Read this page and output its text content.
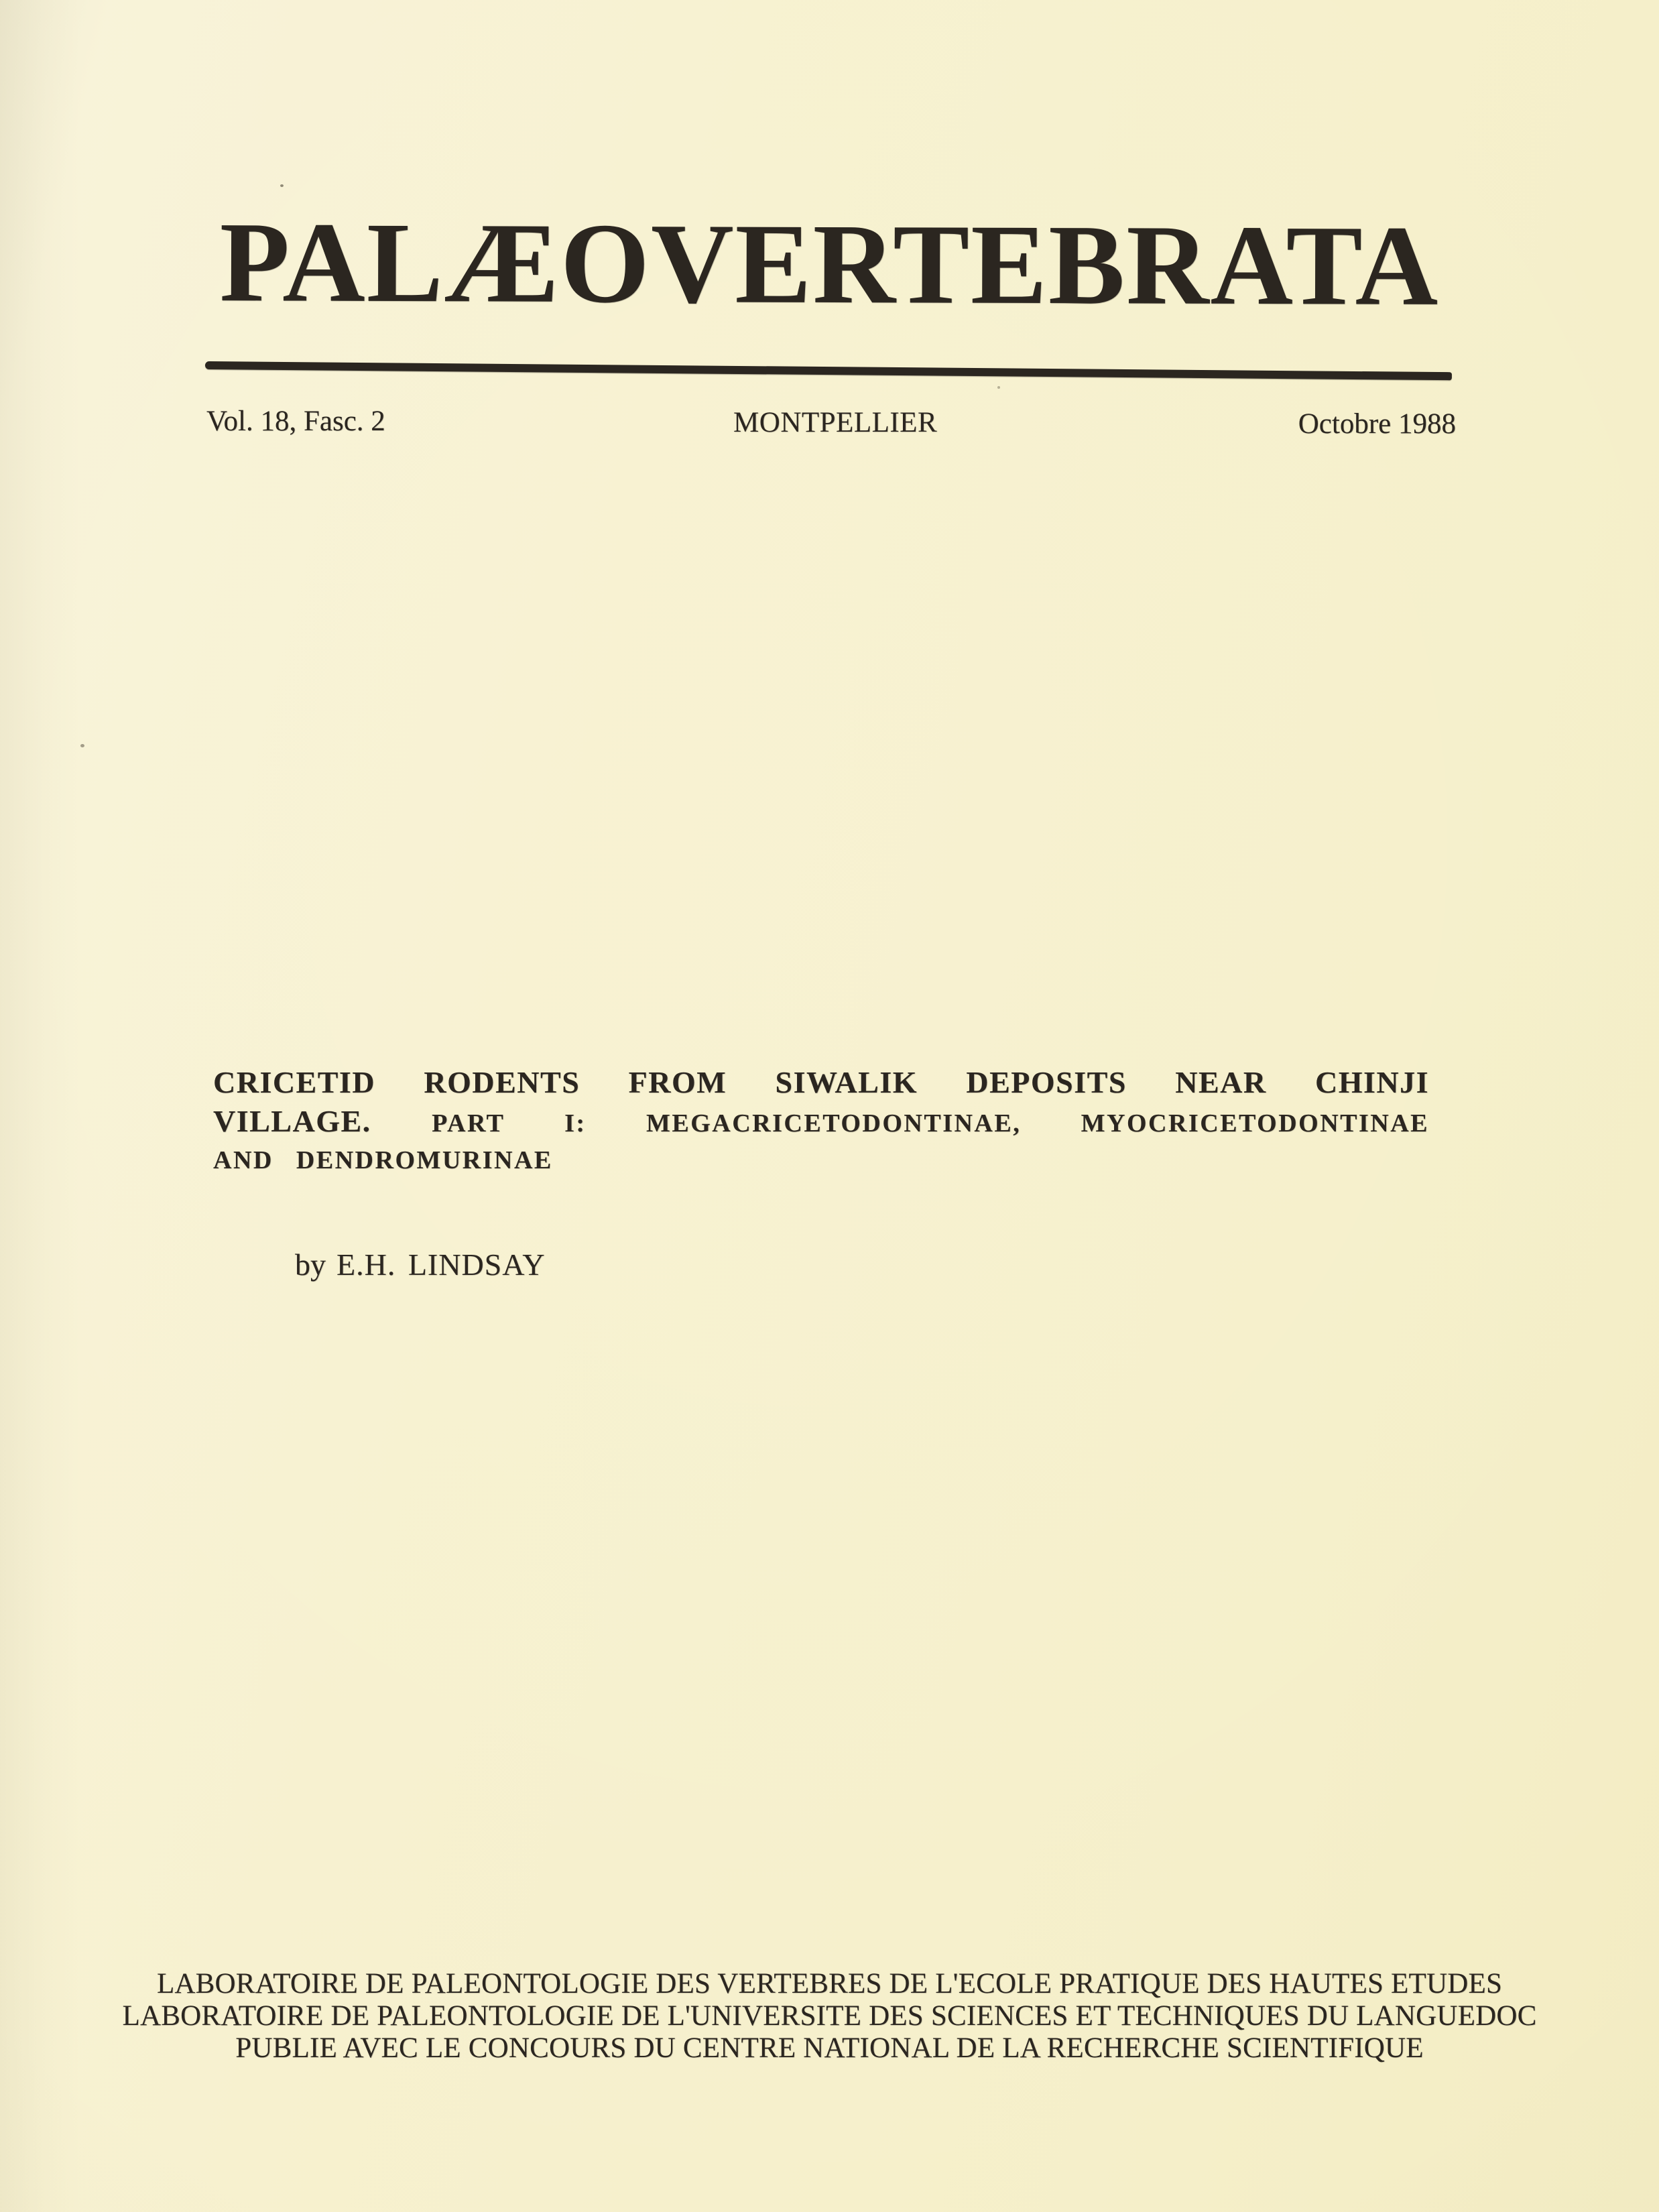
PALÆOVERTEBRATA
Vol. 18, Fasc. 2	MONTPELLIER	Octobre 1988
CRICETID RODENTS FROM SIWALIK DEPOSITS NEAR CHINJI
VILLAGE. PART I: MEGACRICETODONTINAE, MYOCRICETODONTINAE
AND DENDROMURINAE
by E.H. LINDSAY
LABORATOIRE DE PALEONTOLOGIE DES VERTEBRES DE L'ECOLE PRATIQUE DES HAUTES ETUDES
LABORATOIRE DE PALEONTOLOGIE DE L'UNIVERSITE DES SCIENCES ET TECHNIQUES DU LANGUEDOC
PUBLIE AVEC LE CONCOURS DU CENTRE NATIONAL DE LA RECHERCHE SCIENTIFIQUE
